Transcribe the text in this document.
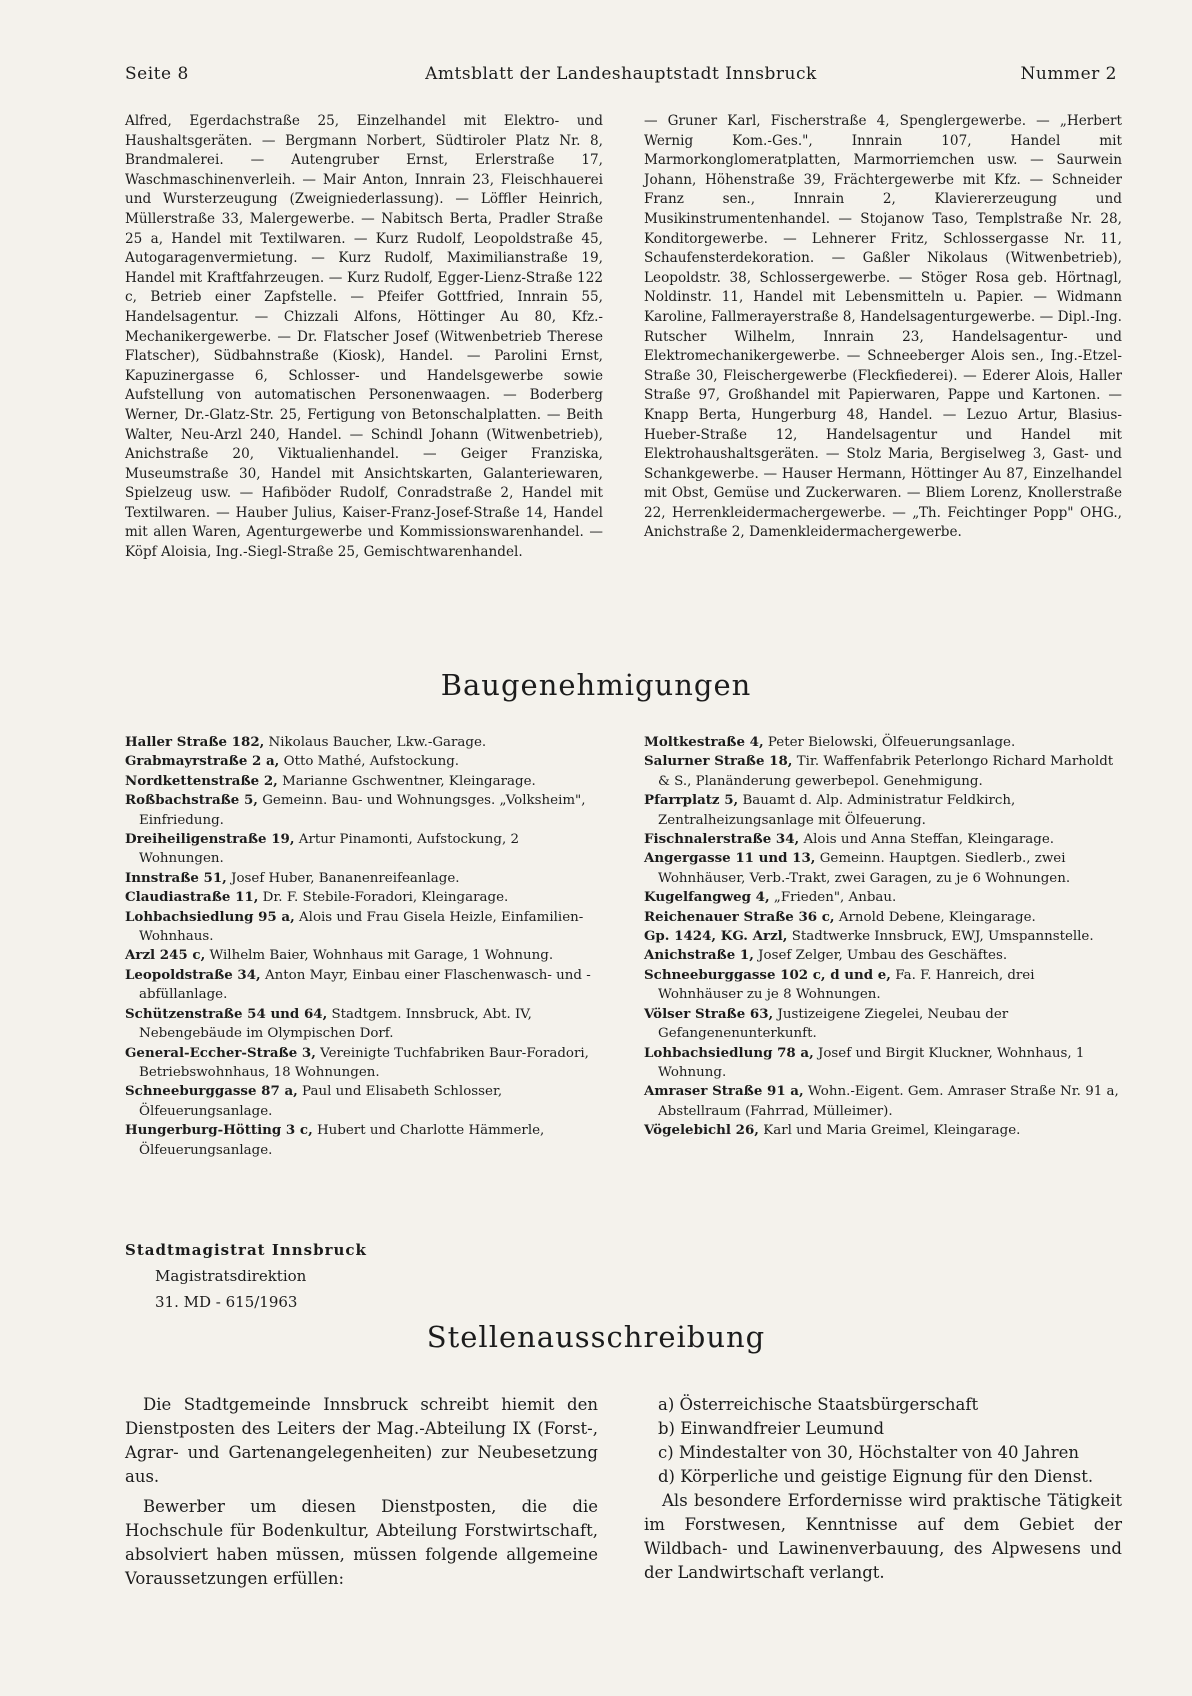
Seite 8	Amtsblatt der Landeshauptstadt Innsbruck	Nummer 2

Alfred, Egerdachstraße 25, Einzelhandel mit Elektro- und Haushaltsgeräten. — Bergmann Norbert, Südtiroler Platz Nr. 8, Brandmalerei. — Autengruber Ernst, Erlerstraße 17, Waschmaschinenverleih. — Mair Anton, Innrain 23, Fleischhauerei und Wursterzeugung (Zweigniederlassung). — Löffler Heinrich, Müllerstraße 33, Malergewerbe. — Nabitsch Berta, Pradler Straße 25 a, Handel mit Textilwaren. — Kurz Rudolf, Leopoldstraße 45, Autogaragenvermietung. — Kurz Rudolf, Maximilianstraße 19, Handel mit Kraftfahrzeugen. — Kurz Rudolf, Egger-Lienz-Straße 122 c, Betrieb einer Zapfstelle. — Pfeifer Gottfried, Innrain 55, Handelsagentur. — Chizzali Alfons, Höttinger Au 80, Kfz.-Mechanikergewerbe. — Dr. Flatscher Josef (Witwenbetrieb Therese Flatscher), Südbahnstraße (Kiosk), Handel. — Parolini Ernst, Kapuzinergasse 6, Schlosser- und Handelsgewerbe sowie Aufstellung von automatischen Personenwaagen. — Boderberg Werner, Dr.-Glatz-Str. 25, Fertigung von Betonschalplatten. — Beith Walter, Neu-Arzl 240, Handel. — Schindl Johann (Witwenbetrieb), Anichstraße 20, Viktualienhandel. — Geiger Franziska, Museumstraße 30, Handel mit Ansichtskarten, Galanteriewaren, Spielzeug usw. — Hafiböder Rudolf, Conradstraße 2, Handel mit Textilwaren. — Hauber Julius, Kaiser-Franz-Josef-Straße 14, Handel mit allen Waren, Agenturgewerbe und Kommissionswarenhandel. — Köpf Aloisia, Ing.-Siegl-Straße 25, Gemischtwarenhandel.

— Gruner Karl, Fischerstraße 4, Spenglergewerbe. — „Herbert Wernig Kom.-Ges.", Innrain 107, Handel mit Marmorkonglomeratplatten, Marmorriemchen usw. — Saurwein Johann, Höhenstraße 39, Frächtergewerbe mit Kfz. — Schneider Franz sen., Innrain 2, Klaviererzeugung und Musikinstrumentenhandel. — Stojanow Taso, Templstraße Nr. 28, Konditorgewerbe. — Lehnerer Fritz, Schlossergasse Nr. 11, Schaufensterdekoration. — Gaßler Nikolaus (Witwenbetrieb), Leopoldstr. 38, Schlossergewerbe. — Stöger Rosa geb. Hörtnagl, Noldinstr. 11, Handel mit Lebensmitteln u. Papier. — Widmann Karoline, Fallmerayerstraße 8, Handelsagenturgewerbe. — Dipl.-Ing. Rutscher Wilhelm, Innrain 23, Handelsagentur- und Elektromechanikergewerbe. — Schneeberger Alois sen., Ing.-Etzel-Straße 30, Fleischergewerbe (Fleckfiederei). — Ederer Alois, Haller Straße 97, Großhandel mit Papierwaren, Pappe und Kartonen. — Knapp Berta, Hungerburg 48, Handel. — Lezuo Artur, Blasius-Hueber-Straße 12, Handelsagentur und Handel mit Elektrohaushaltsgeräten. — Stolz Maria, Bergiselweg 3, Gast- und Schankgewerbe. — Hauser Hermann, Höttinger Au 87, Einzelhandel mit Obst, Gemüse und Zuckerwaren. — Bliem Lorenz, Knollerstraße 22, Herrenkleidermachergewerbe. — „Th. Feichtinger Popp" OHG., Anichstraße 2, Damenkleidermachergewerbe.

Baugenehmigungen
Haller Straße 182, Nikolaus Baucher, Lkw.-Garage.
Grabmayrstraße 2 a, Otto Mathé, Aufstockung.
Nordkettenstraße 2, Marianne Gschwentner, Kleingarage.
Roßbachstraße 5, Gemeinn. Bau- und Wohnungsges. „Volksheim", Einfriedung.
Dreiheiligenstraße 19, Artur Pinamonti, Aufstockung, 2 Wohnungen.
Innstraße 51, Josef Huber, Bananenreifeanlage.
Claudiastraße 11, Dr. F. Stebile-Foradori, Kleingarage.
Lohbachsiedlung 95 a, Alois und Frau Gisela Heizle, Einfamilien-Wohnhaus.
Arzl 245 c, Wilhelm Baier, Wohnhaus mit Garage, 1 Wohnung.
Leopoldstraße 34, Anton Mayr, Einbau einer Flaschenwasch- und -abfüllanlage.
Schützenstraße 54 und 64, Stadtgem. Innsbruck, Abt. IV, Nebengebäude im Olympischen Dorf.
General-Eccher-Straße 3, Vereinigte Tuchfabriken Baur-Foradori, Betriebswohnhaus, 18 Wohnungen.
Schneeburggasse 87 a, Paul und Elisabeth Schlosser, Ölfeuerungsanlage.
Hungerburg-Hötting 3 c, Hubert und Charlotte Hämmerle, Ölfeuerungsanlage.
Moltkestraße 4, Peter Bielowski, Ölfeuerungsanlage.
Salurner Straße 18, Tir. Waffenfabrik Peterlongo Richard Marholdt & S., Planänderung gewerbepol. Genehmigung.
Pfarrplatz 5, Bauamt d. Alp. Administratur Feldkirch, Zentralheizungsanlage mit Ölfeuerung.
Fischnalerstraße 34, Alois und Anna Steffan, Kleingarage.
Angergasse 11 und 13, Gemeinn. Hauptgen. Siedlerb., zwei Wohnhäuser, Verb.-Trakt, zwei Garagen, zu je 6 Wohnungen.
Kugelfangweg 4, „Frieden", Anbau.
Reichenauer Straße 36 c, Arnold Debene, Kleingarage.
Gp. 1424, KG. Arzl, Stadtwerke Innsbruck, EWJ, Umspannstelle.
Anichstraße 1, Josef Zelger, Umbau des Geschäftes.
Schneeburggasse 102 c, d und e, Fa. F. Hanreich, drei Wohnhäuser zu je 8 Wohnungen.
Völser Straße 63, Justizeigene Ziegelei, Neubau der Gefangenenunterkunft.
Lohbachsiedlung 78 a, Josef und Birgit Kluckner, Wohnhaus, 1 Wohnung.
Amraser Straße 91 a, Wohn.-Eigent. Gem. Amraser Straße Nr. 91 a, Abstellraum (Fahrrad, Mülleimer).
Vögelebichl 26, Karl und Maria Greimel, Kleingarage.
Stadtmagistrat Innsbruck
Magistratsdirektion
31. MD - 615/1963
Stellenausschreibung

Die Stadtgemeinde Innsbruck schreibt hiemit den Dienstposten des Leiters der Mag.-Abteilung IX (Forst-, Agrar- und Gartenangelegenheiten) zur Neubesetzung aus.

Bewerber um diesen Dienstposten, die die Hochschule für Bodenkultur, Abteilung Forstwirtschaft, absolviert haben müssen, müssen folgende allgemeine Voraussetzungen erfüllen:

a) Österreichische Staatsbürgerschaft
b) Einwandfreier Leumund
c) Mindestalter von 30, Höchstalter von 40 Jahren
d) Körperliche und geistige Eignung für den Dienst.

Als besondere Erfordernisse wird praktische Tätigkeit im Forstwesen, Kenntnisse auf dem Gebiet der Wildbach- und Lawinenverbauung, des Alpwesens und der Landwirtschaft verlangt.
